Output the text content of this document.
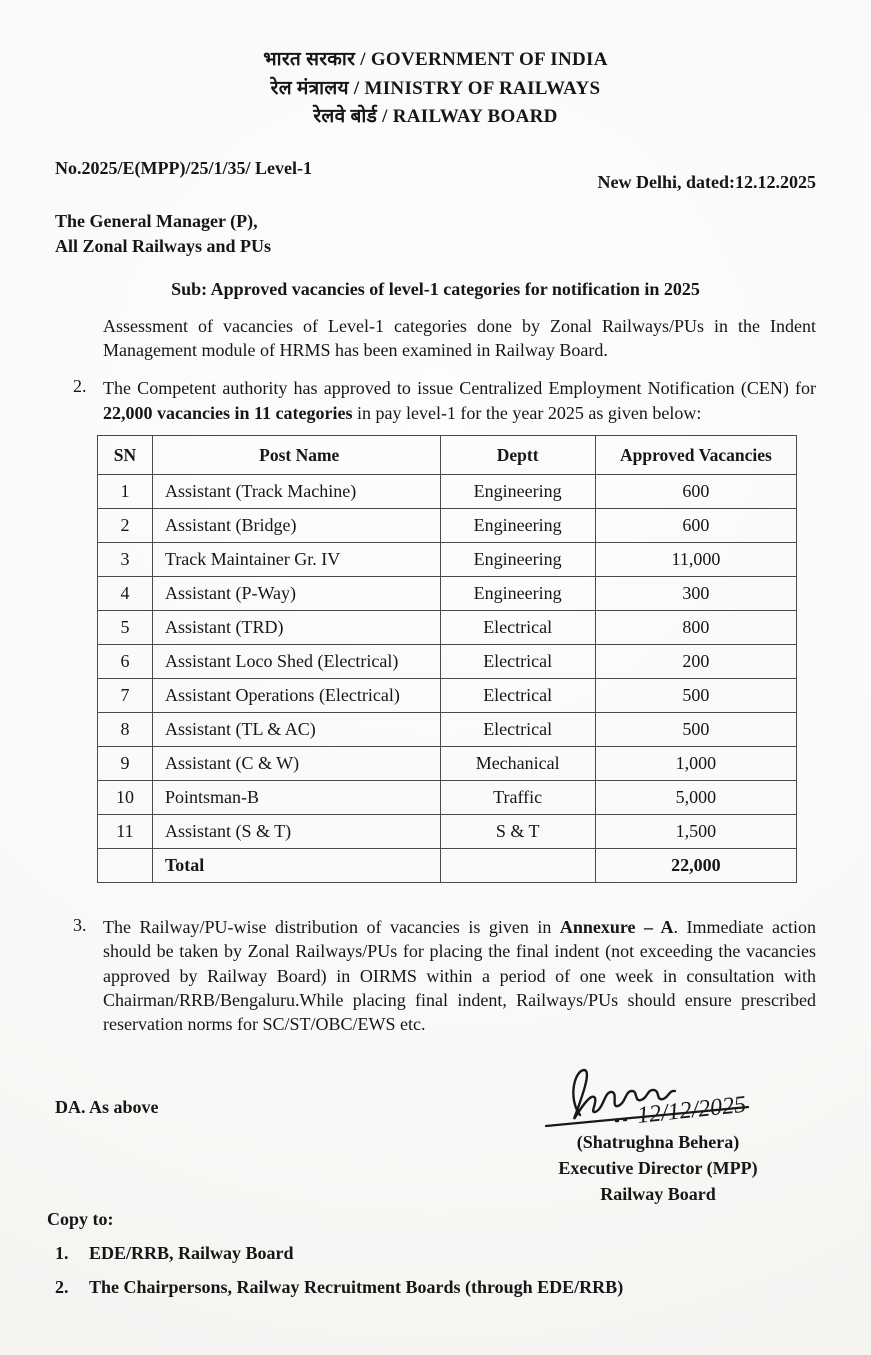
भारत सरकार / GOVERNMENT OF INDIA
रेल मंत्रालय / MINISTRY OF RAILWAYS
रेलवे बोर्ड / RAILWAY BOARD
No.2025/E(MPP)/25/1/35/ Level-1
New Delhi, dated:12.12.2025
The General Manager (P),
All Zonal Railways and PUs
Sub: Approved vacancies of level-1 categories for notification in 2025
Assessment of vacancies of Level-1 categories done by Zonal Railways/PUs in the Indent Management module of HRMS has been examined in Railway Board.
2. The Competent authority has approved to issue Centralized Employment Notification (CEN) for 22,000 vacancies in 11 categories in pay level-1 for the year 2025 as given below:
SN	Post Name	Deptt	Approved Vacancies
1	Assistant (Track Machine)	Engineering	600
2	Assistant (Bridge)	Engineering	600
3	Track Maintainer Gr. IV	Engineering	11,000
4	Assistant (P-Way)	Engineering	300
5	Assistant (TRD)	Electrical	800
6	Assistant Loco Shed (Electrical)	Electrical	200
7	Assistant Operations (Electrical)	Electrical	500
8	Assistant (TL & AC)	Electrical	500
9	Assistant (C & W)	Mechanical	1,000
10	Pointsman-B	Traffic	5,000
11	Assistant (S & T)	S & T	1,500
	Total		22,000
3. The Railway/PU-wise distribution of vacancies is given in Annexure – A. Immediate action should be taken by Zonal Railways/PUs for placing the final indent (not exceeding the vacancies approved by Railway Board) in OIRMS within a period of one week in consultation with Chairman/RRB/Bengaluru.While placing final indent, Railways/PUs should ensure prescribed reservation norms for SC/ST/OBC/EWS etc.
DA. As above	12/12/2025
(Shatrughna Behera)
Executive Director (MPP)
Railway Board
Copy to:
1.	EDE/RRB, Railway Board
2.	The Chairpersons, Railway Recruitment Boards (through EDE/RRB)
